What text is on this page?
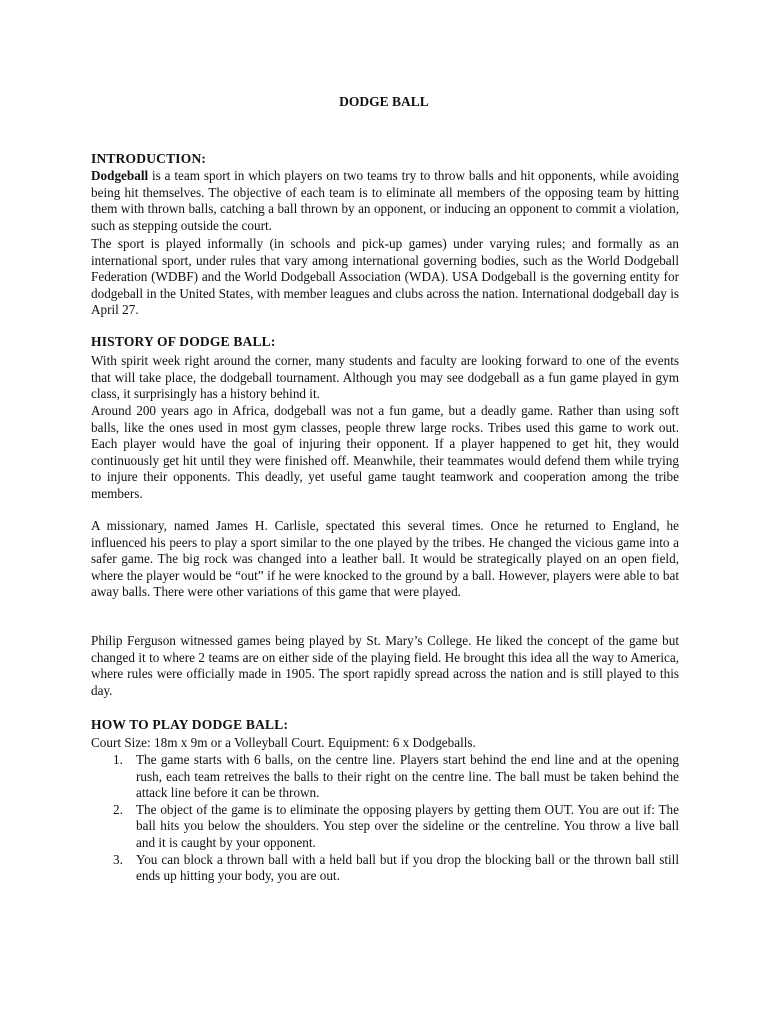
DODGE BALL
INTRODUCTION:
Dodgeball is a team sport in which players on two teams try to throw balls and hit opponents, while avoiding being hit themselves. The objective of each team is to eliminate all members of the opposing team by hitting them with thrown balls, catching a ball thrown by an opponent, or inducing an opponent to commit a violation, such as stepping outside the court.
The sport is played informally (in schools and pick-up games) under varying rules; and formally as an international sport, under rules that vary among international governing bodies, such as the World Dodgeball Federation (WDBF) and the World Dodgeball Association (WDA). USA Dodgeball is the governing entity for dodgeball in the United States, with member leagues and clubs across the nation. International dodgeball day is April 27.
HISTORY OF DODGE BALL:
With spirit week right around the corner, many students and faculty are looking forward to one of the events that will take place, the dodgeball tournament. Although you may see dodgeball as a fun game played in gym class, it surprisingly has a history behind it.
Around 200 years ago in Africa, dodgeball was not a fun game, but a deadly game. Rather than using soft balls, like the ones used in most gym classes, people threw large rocks. Tribes used this game to work out. Each player would have the goal of injuring their opponent. If a player happened to get hit, they would continuously get hit until they were finished off. Meanwhile, their teammates would defend them while trying to injure their opponents. This deadly, yet useful game taught teamwork and cooperation among the tribe members.
A missionary, named James H. Carlisle, spectated this several times. Once he returned to England, he influenced his peers to play a sport similar to the one played by the tribes. He changed the vicious game into a safer game. The big rock was changed into a leather ball. It would be strategically played on an open field, where the player would be “out” if he were knocked to the ground by a ball. However, players were able to bat away balls. There were other variations of this game that were played.
Philip Ferguson witnessed games being played by St. Mary’s College. He liked the concept of the game but changed it to where 2 teams are on either side of the playing field. He brought this idea all the way to America, where rules were officially made in 1905. The sport rapidly spread across the nation and is still played to this day.
HOW TO PLAY DODGE BALL:
Court Size: 18m x 9m or a Volleyball Court. Equipment: 6 x Dodgeballs.
1. The game starts with 6 balls, on the centre line. Players start behind the end line and at the opening rush, each team retreives the balls to their right on the centre line. The ball must be taken behind the attack line before it can be thrown.
2. The object of the game is to eliminate the opposing players by getting them OUT. You are out if: The ball hits you below the shoulders. You step over the sideline or the centreline. You throw a live ball and it is caught by your opponent.
3. You can block a thrown ball with a held ball but if you drop the blocking ball or the thrown ball still ends up hitting your body, you are out.
